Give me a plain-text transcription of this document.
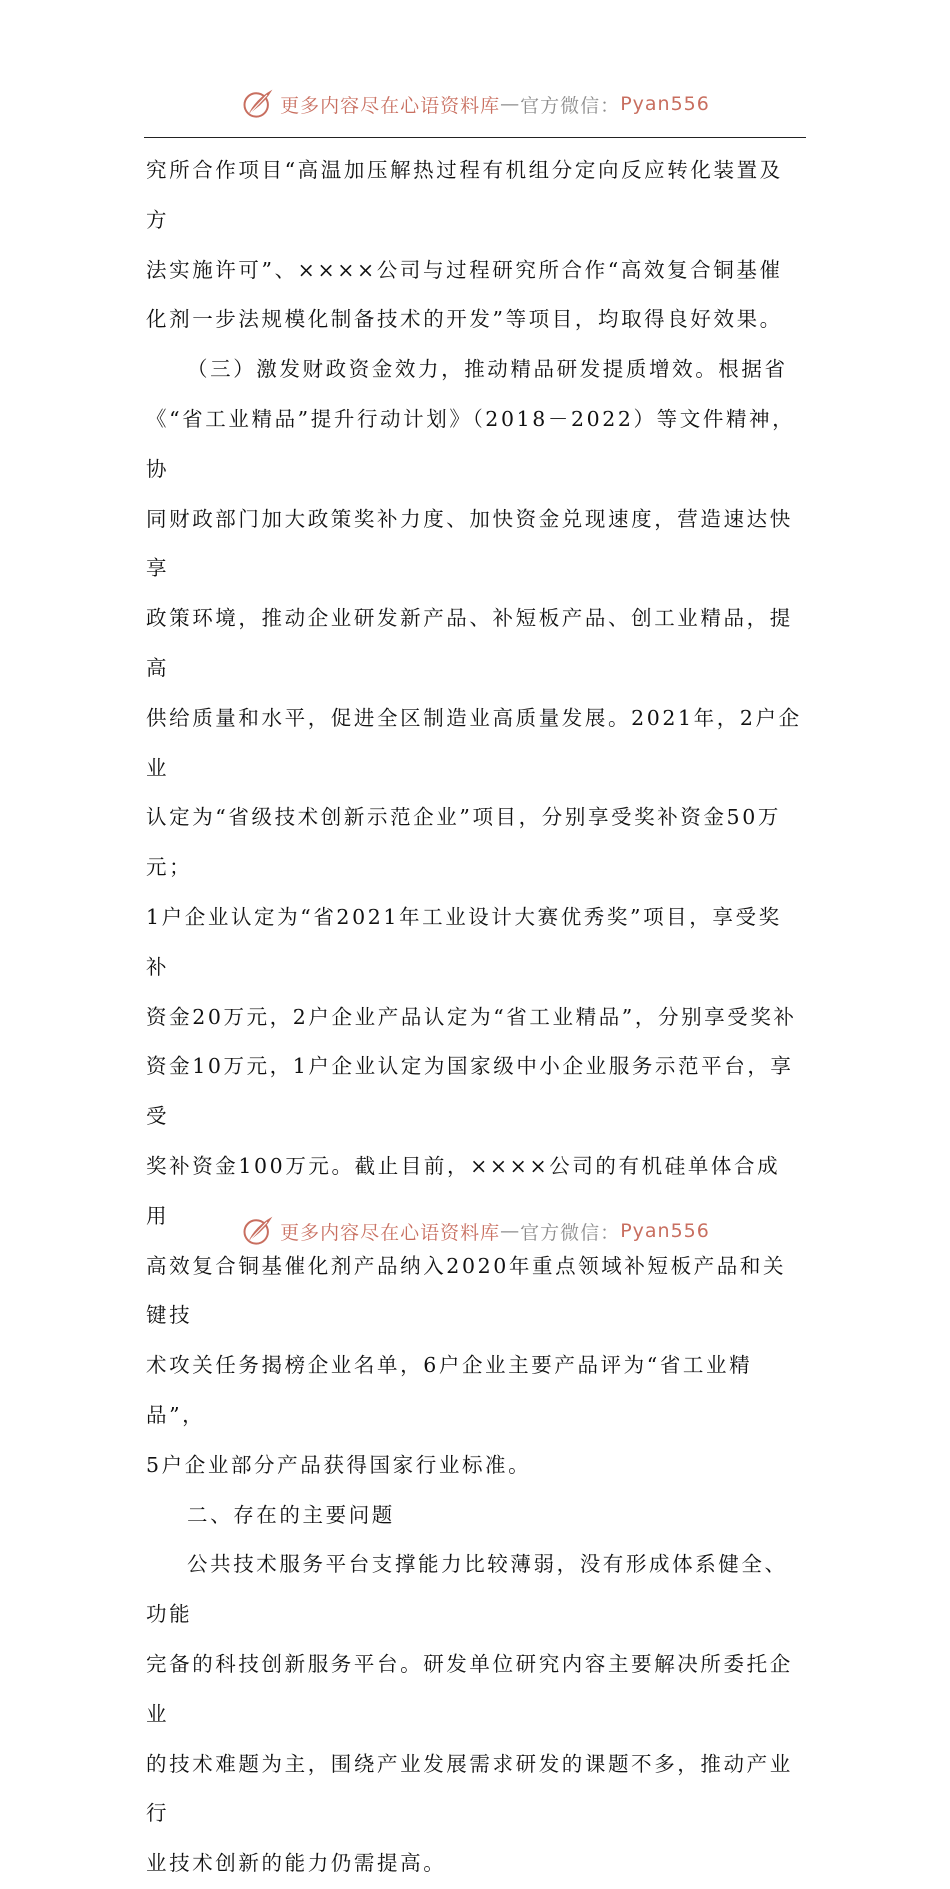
更多内容尽在心语资料库 — 官方微信： Pyan556

究所合作项目“高温加压解热过程有机组分定向反应转化装置及方

法实施许可”、××××公司与过程研究所合作“高效复合铜基催

化剂一步法规模化制备技术的开发”等项目，均取得良好效果。

（三）激发财政资金效力，推动精品研发提质增效。根据省

《“省工业精品”提升行动计划》（2018－2022）等文件精神，协

同财政部门加大政策奖补力度、加快资金兑现速度，营造速达快享

政策环境，推动企业研发新产品、补短板产品、创工业精品，提高

供给质量和水平，促进全区制造业高质量发展。2021年，2户企业

认定为“省级技术创新示范企业”项目，分别享受奖补资金50万元；

1户企业认定为“省2021年工业设计大赛优秀奖”项目，享受奖补

资金20万元，2户企业产品认定为“省工业精品”，分别享受奖补

资金10万元，1户企业认定为国家级中小企业服务示范平台，享受

奖补资金100万元。截止目前，××××公司的有机硅单体合成用

高效复合铜基催化剂产品纳入2020年重点领域补短板产品和关键技

术攻关任务揭榜企业名单，6户企业主要产品评为“省工业精品”，

5户企业部分产品获得国家行业标准。

二、存在的主要问题

公共技术服务平台支撑能力比较薄弱，没有形成体系健全、功能

完备的科技创新服务平台。研发单位研究内容主要解决所委托企业

的技术难题为主，围绕产业发展需求研发的课题不多，推动产业行

业技术创新的能力仍需提高。

更多内容尽在心语资料库 — 官方微信： Pyan556
